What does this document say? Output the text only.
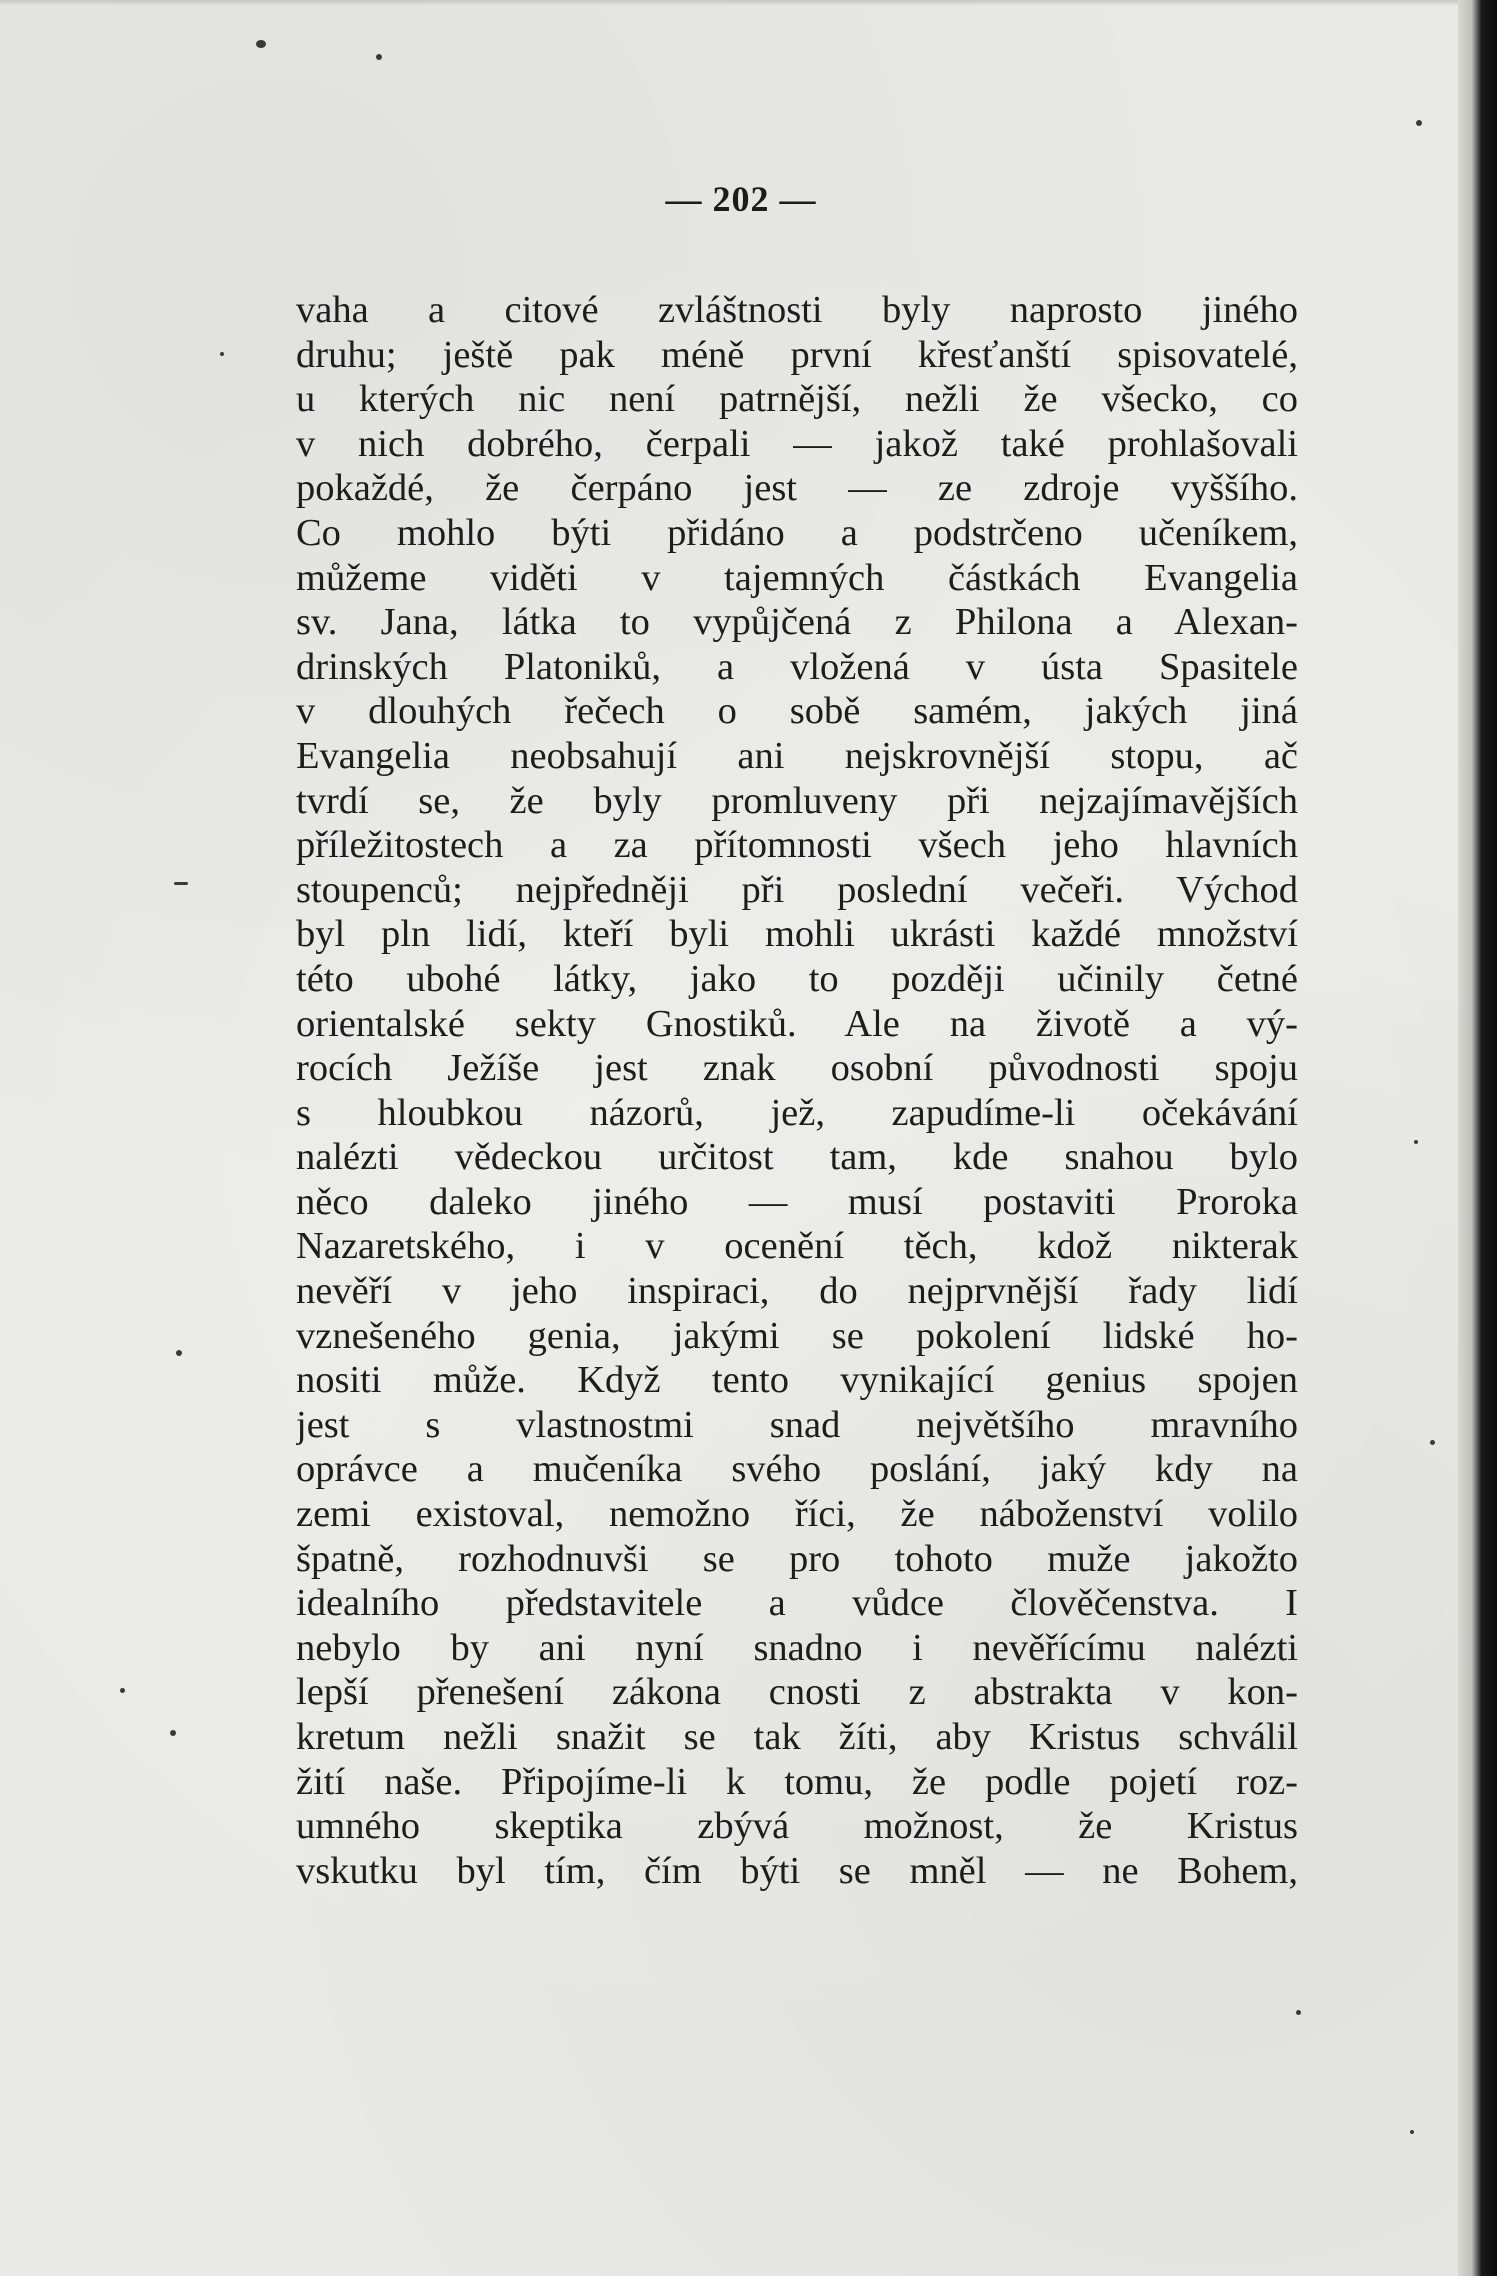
— 202 —
vaha a citové zvláštnosti byly naprosto jiného
druhu; ještě pak méně první křesťanští spisovatelé,
u kterých nic není patrnější, nežli že všecko, co
v nich dobrého, čerpali — jakož také prohlašovali
pokaždé, že čerpáno jest — ze zdroje vyššího.
Co mohlo býti přidáno a podstrčeno učeníkem,
můžeme viděti v tajemných částkách Evangelia
sv. Jana, látka to vypůjčená z Philona a Alexan-
drinských Platoniků, a vložená v ústa Spasitele
v dlouhých řečech o sobě samém, jakých jiná
Evangelia neobsahují ani nejskrovnější stopu, ač
tvrdí se, že byly promluveny při nejzajímavějších
příležitostech a za přítomnosti všech jeho hlavních
stoupenců; nejpředněji při poslední večeři. Východ
byl pln lidí, kteří byli mohli ukrásti každé množství
této ubohé látky, jako to později učinily četné
orientalské sekty Gnostiků. Ale na životě a vý-
rocích Ježíše jest znak osobní původnosti spoju
s hloubkou názorů, jež, zapudíme-li očekávání
nalézti vědeckou určitost tam, kde snahou bylo
něco daleko jiného — musí postaviti Proroka
Nazaretského, i v ocenění těch, kdož nikterak
nevěří v jeho inspiraci, do nejprvnější řady lidí
vznešeného genia, jakými se pokolení lidské ho-
nositi může. Když tento vynikající genius spojen
jest s vlastnostmi snad největšího mravního
oprávce a mučeníka svého poslání, jaký kdy na
zemi existoval, nemožno říci, že náboženství volilo
špatně, rozhodnuvši se pro tohoto muže jakožto
idealního představitele a vůdce člověčenstva. I
nebylo by ani nyní snadno i nevěřícímu nalézti
lepší přenešení zákona cnosti z abstrakta v kon-
kretum nežli snažit se tak žíti, aby Kristus schválil
žití naše. Připojíme-li k tomu, že podle pojetí roz-
umného skeptika zbývá možnost, že Kristus
vskutku byl tím, čím býti se mněl — ne Bohem,
